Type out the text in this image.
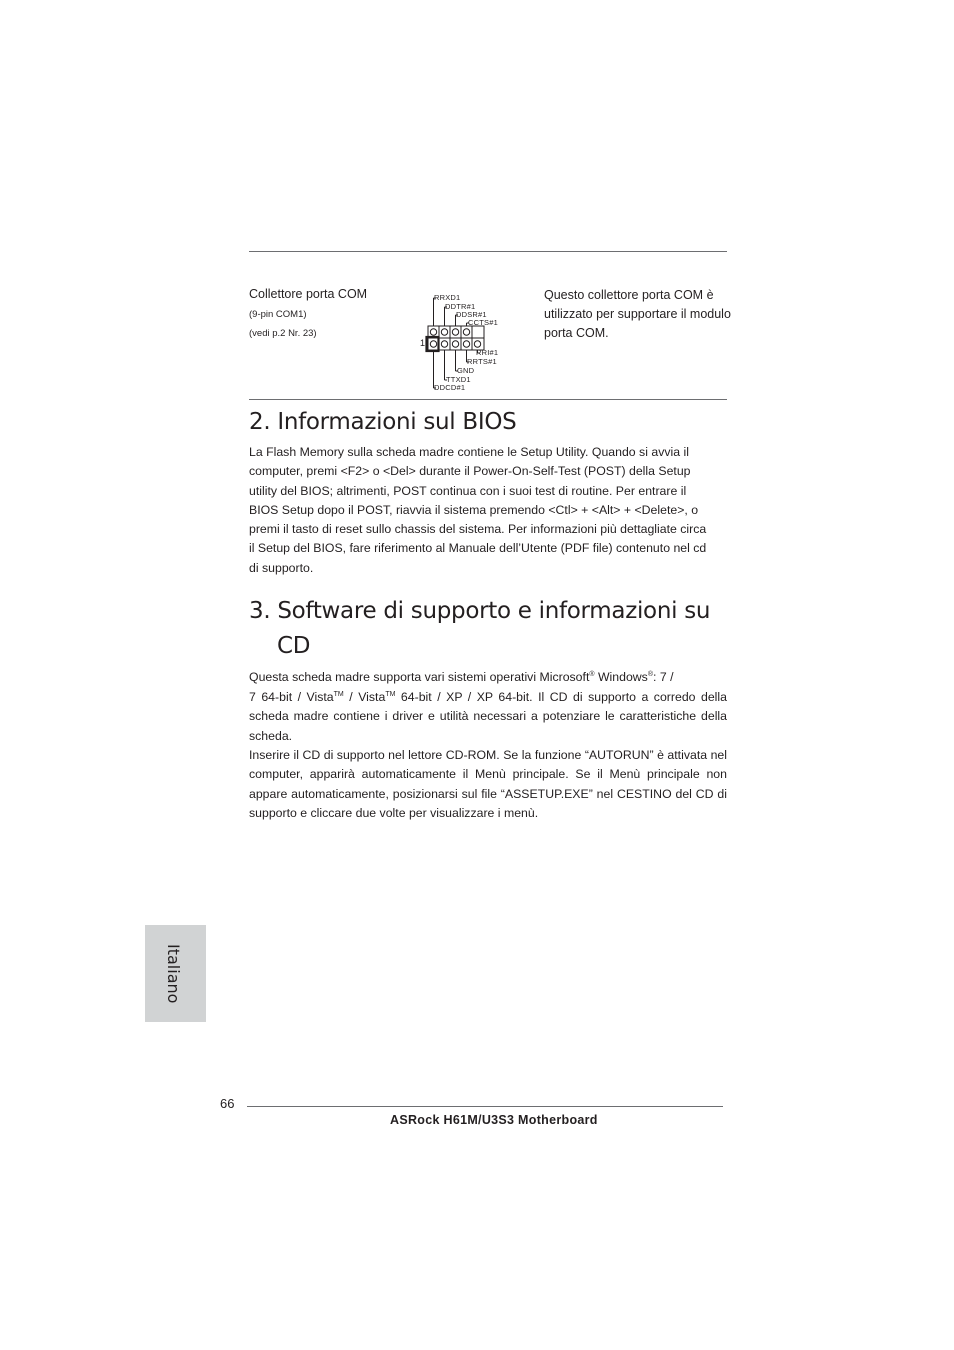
Collettore porta COM
(9-pin COM1)
(vedi p.2 Nr. 23)
RRXD1
DDTR#1
DDSR#1
CCTS#1
RRI#1
RRTS#1
GND
TTXD1
DDCD#1
1
Questo collettore porta COM è utilizzato per supportare il modulo porta COM.
2. Informazioni sul BIOS
La Flash Memory sulla scheda madre contiene le Setup Utility. Quando si avvia il
computer, premi <F2> o <Del> durante il Power-On-Self-Test (POST) della Setup
utility del BIOS; altrimenti, POST continua con i suoi test di routine. Per entrare il
BIOS Setup dopo il POST, riavvia il sistema premendo <Ctl> + <Alt> + <Delete>, o
premi il tasto di reset sullo chassis del sistema. Per informazioni più dettagliate circa
il Setup del BIOS, fare riferimento al Manuale dell’Utente (PDF file) contenuto nel cd
di supporto.
3. Software di supporto e informazioni su
CD
Questa scheda madre supporta vari sistemi operativi Microsoft® Windows®: 7 /
7 64-bit / Vista™ / Vista™ 64-bit / XP / XP 64-bit. Il CD di supporto a corredo della scheda madre contiene i driver e utilità necessari a potenziare le caratteristiche della scheda.
Inserire il CD di supporto nel lettore CD-ROM. Se la funzione “AUTORUN” è attivata nel computer, apparirà automaticamente il Menù principale. Se il Menù principale non appare automaticamente, posizionarsi sul file “ASSETUP.EXE” nel CESTINO del CD di supporto e cliccare due volte per visualizzare i menù.
Italiano
66
ASRock H61M/U3S3 Motherboard
